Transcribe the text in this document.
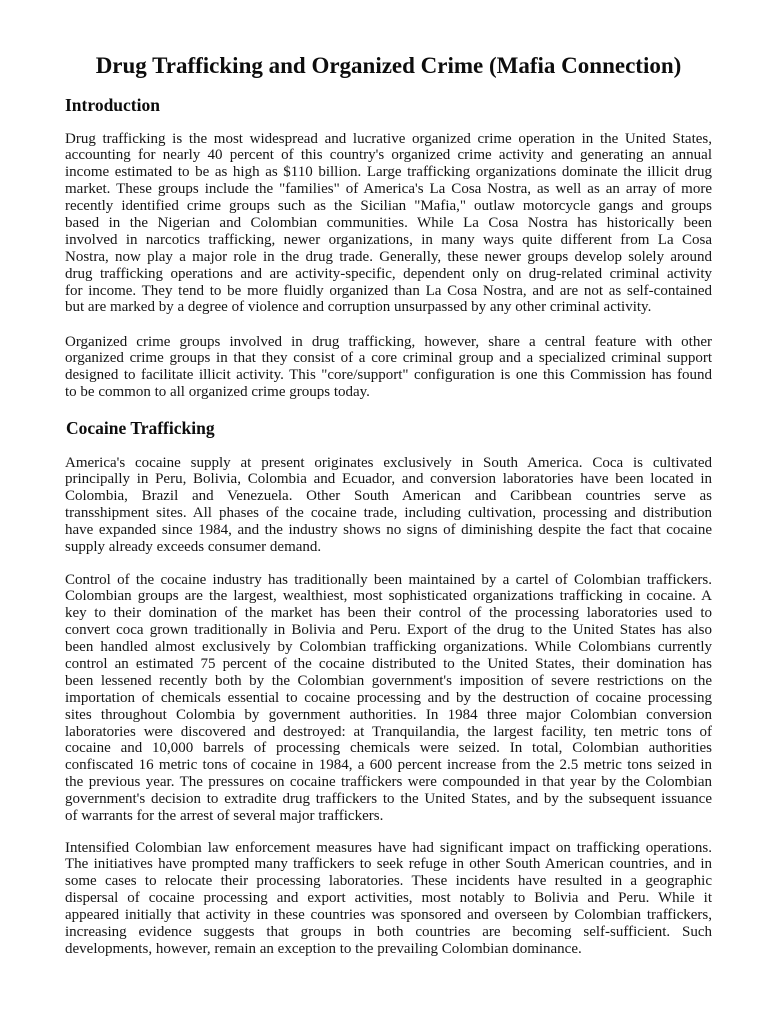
Drug Trafficking and Organized Crime (Mafia Connection)
Introduction
Drug trafficking is the most widespread and lucrative organized crime operation in the United States,
accounting for nearly 40 percent of this country's organized crime activity and generating an annual
income estimated to be as high as $110 billion. Large trafficking organizations dominate the illicit drug
market. These groups include the "families" of America's La Cosa Nostra, as well as an array of more
recently identified crime groups such as the Sicilian "Mafia," outlaw motorcycle gangs and groups
based in the Nigerian and Colombian communities. While La Cosa Nostra has historically been
involved in narcotics trafficking, newer organizations, in many ways quite different from La Cosa
Nostra, now play a major role in the drug trade. Generally, these newer groups develop solely around
drug trafficking operations and are activity-specific, dependent only on drug-related criminal activity
for income. They tend to be more fluidly organized than La Cosa Nostra, and are not as self-contained
but are marked by a degree of violence and corruption unsurpassed by any other criminal activity.
Organized crime groups involved in drug trafficking, however, share a central feature with other
organized crime groups in that they consist of a core criminal group and a specialized criminal support
designed to facilitate illicit activity. This "core/support" configuration is one this Commission has found
to be common to all organized crime groups today.
Cocaine Trafficking
America's cocaine supply at present originates exclusively in South America. Coca is cultivated
principally in Peru, Bolivia, Colombia and Ecuador, and conversion laboratories have been located in
Colombia, Brazil and Venezuela. Other South American and Caribbean countries serve as
transshipment sites. All phases of the cocaine trade, including cultivation, processing and distribution
have expanded since 1984, and the industry shows no signs of diminishing despite the fact that cocaine
supply already exceeds consumer demand.
Control of the cocaine industry has traditionally been maintained by a cartel of Colombian traffickers.
Colombian groups are the largest, wealthiest, most sophisticated organizations trafficking in cocaine. A
key to their domination of the market has been their control of the processing laboratories used to
convert coca grown traditionally in Bolivia and Peru. Export of the drug to the United States has also
been handled almost exclusively by Colombian trafficking organizations. While Colombians currently
control an estimated 75 percent of the cocaine distributed to the United States, their domination has
been lessened recently both by the Colombian government's imposition of severe restrictions on the
importation of chemicals essential to cocaine processing and by the destruction of cocaine processing
sites throughout Colombia by government authorities. In 1984 three major Colombian conversion
laboratories were discovered and destroyed: at Tranquilandia, the largest facility, ten metric tons of
cocaine and 10,000 barrels of processing chemicals were seized. In total, Colombian authorities
confiscated 16 metric tons of cocaine in 1984, a 600 percent increase from the 2.5 metric tons seized in
the previous year. The pressures on cocaine traffickers were compounded in that year by the Colombian
government's decision to extradite drug traffickers to the United States, and by the subsequent issuance
of warrants for the arrest of several major traffickers.
Intensified Colombian law enforcement measures have had significant impact on trafficking operations.
The initiatives have prompted many traffickers to seek refuge in other South American countries, and in
some cases to relocate their processing laboratories. These incidents have resulted in a geographic
dispersal of cocaine processing and export activities, most notably to Bolivia and Peru. While it
appeared initially that activity in these countries was sponsored and overseen by Colombian traffickers,
increasing evidence suggests that groups in both countries are becoming self-sufficient. Such
developments, however, remain an exception to the prevailing Colombian dominance.
